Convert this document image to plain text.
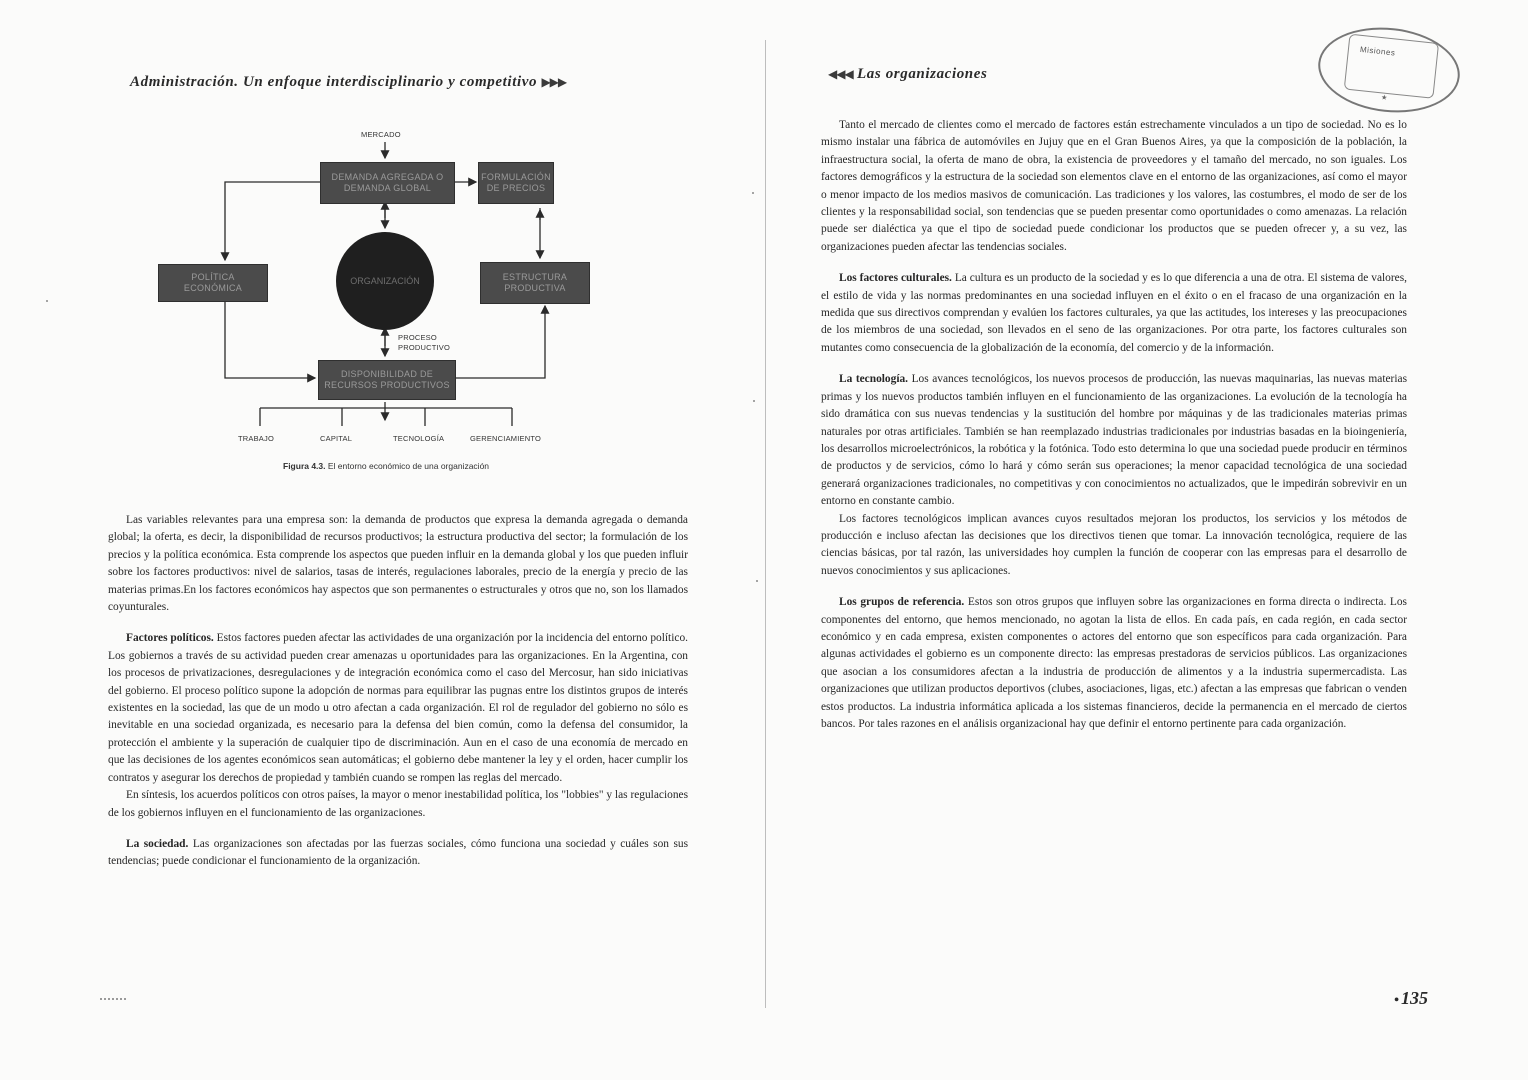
Administración. Un enfoque interdisciplinario y competitivo ▶▶▶
MERCADO
DEMANDA AGREGADA O DEMANDA GLOBAL
FORMULACIÓN DE PRECIOS
POLÍTICA ECONÓMICA
ESTRUCTURA PRODUCTIVA
ORGANIZACIÓN
PROCESO
PRODUCTIVO
DISPONIBILIDAD DE RECURSOS PRODUCTIVOS
TRABAJO	CAPITAL	TECNOLOGÍA	GERENCIAMIENTO
Figura 4.3. El entorno económico de una organización

Las variables relevantes para una empresa son: la demanda de productos que expresa la demanda agregada o demanda global; la oferta, es decir, la disponibilidad de recursos productivos; la estructura productiva del sector; la formulación de los precios y la política económica. Esta comprende los aspectos que pueden influir en la demanda global y los que pueden influir sobre los factores productivos: nivel de salarios, tasas de interés, regulaciones laborales, precio de la energía y precio de las materias primas.En los factores económicos hay aspectos que son permanentes o estructurales y otros que no, son los llamados coyunturales.

Factores políticos. Estos factores pueden afectar las actividades de una organización por la incidencia del entorno político. Los gobiernos a través de su actividad pueden crear amenazas u oportunidades para las organizaciones. En la Argentina, con los procesos de privatizaciones, desregulaciones y de integración económica como el caso del Mercosur, han sido iniciativas del gobierno. El proceso político supone la adopción de normas para equilibrar las pugnas entre los distintos grupos de interés existentes en la sociedad, las que de un modo u otro afectan a cada organización. El rol de regulador del gobierno no sólo es inevitable en una sociedad organizada, es necesario para la defensa del bien común, como la defensa del consumidor, la protección el ambiente y la superación de cualquier tipo de discriminación. Aun en el caso de una economía de mercado en que las decisiones de los agentes económicos sean automáticas; el gobierno debe mantener la ley y el orden, hacer cumplir los contratos y asegurar los derechos de propiedad y también cuando se rompen las reglas del mercado.

En síntesis, los acuerdos políticos con otros países, la mayor o menor inestabilidad política, los "lobbies" y las regulaciones de los gobiernos influyen en el funcionamiento de las organizaciones.

La sociedad. Las organizaciones son afectadas por las fuerzas sociales, cómo funciona una sociedad y cuáles son sus tendencias; puede condicionar el funcionamiento de la organización.

◀◀◀ Las organizaciones
Misiones
★

Tanto el mercado de clientes como el mercado de factores están estrechamente vinculados a un tipo de sociedad. No es lo mismo instalar una fábrica de automóviles en Jujuy que en el Gran Buenos Aires, ya que la composición de la población, la infraestructura social, la oferta de mano de obra, la existencia de proveedores y el tamaño del mercado, no son iguales. Los factores demográficos y la estructura de la sociedad son elementos clave en el entorno de las organizaciones, así como el mayor o menor impacto de los medios masivos de comunicación. Las tradiciones y los valores, las costumbres, el modo de ser de los clientes y la responsabilidad social, son tendencias que se pueden presentar como oportunidades o como amenazas. La relación puede ser dialéctica ya que el tipo de sociedad puede condicionar los productos que se pueden ofrecer y, a su vez, las organizaciones pueden afectar las tendencias sociales.

Los factores culturales. La cultura es un producto de la sociedad y es lo que diferencia a una de otra. El sistema de valores, el estilo de vida y las normas predominantes en una sociedad influyen en el éxito o en el fracaso de una organización en la medida que sus directivos comprendan y evalúen los factores culturales, ya que las actitudes, los intereses y las preocupaciones de los miembros de una sociedad, son llevados en el seno de las organizaciones. Por otra parte, los factores culturales son mutantes como consecuencia de la globalización de la economía, del comercio y de la información.

La tecnología. Los avances tecnológicos, los nuevos procesos de producción, las nuevas maquinarias, las nuevas materias primas y los nuevos productos también influyen en el funcionamiento de las organizaciones. La evolución de la tecnología ha sido dramática con sus nuevas tendencias y la sustitución del hombre por máquinas y de las tradicionales materias primas naturales por otras artificiales. También se han reemplazado industrias tradicionales por industrias basadas en la bioingeniería, los desarrollos microelectrónicos, la robótica y la fotónica. Todo esto determina lo que una sociedad puede producir en términos de productos y de servicios, cómo lo hará y cómo serán sus operaciones; la menor capacidad tecnológica de una sociedad generará organizaciones tradicionales, no competitivas y con conocimientos no actualizados, que le impedirán sobrevivir en un entorno en constante cambio.

Los factores tecnológicos implican avances cuyos resultados mejoran los productos, los servicios y los métodos de producción e incluso afectan las decisiones que los directivos tienen que tomar. La innovación tecnológica, requiere de las ciencias básicas, por tal razón, las universidades hoy cumplen la función de cooperar con las empresas para el desarrollo de nuevos conocimientos y sus aplicaciones.

Los grupos de referencia. Estos son otros grupos que influyen sobre las organizaciones en forma directa o indirecta. Los componentes del entorno, que hemos mencionado, no agotan la lista de ellos. En cada país, en cada región, en cada sector económico y en cada empresa, existen componentes o actores del entorno que son específicos para cada organización. Para algunas actividades el gobierno es un componente directo: las empresas prestadoras de servicios públicos. Las organizaciones que asocian a los consumidores afectan a la industria de producción de alimentos y a la industria supermercadista. Las organizaciones que utilizan productos deportivos (clubes, asociaciones, ligas, etc.) afectan a las empresas que fabrican o venden estos productos. La industria informática aplicada a los sistemas financieros, decide la permanencia en el mercado de ciertos bancos. Por tales razones en el análisis organizacional hay que definir el entorno pertinente para cada organización.

• 135
